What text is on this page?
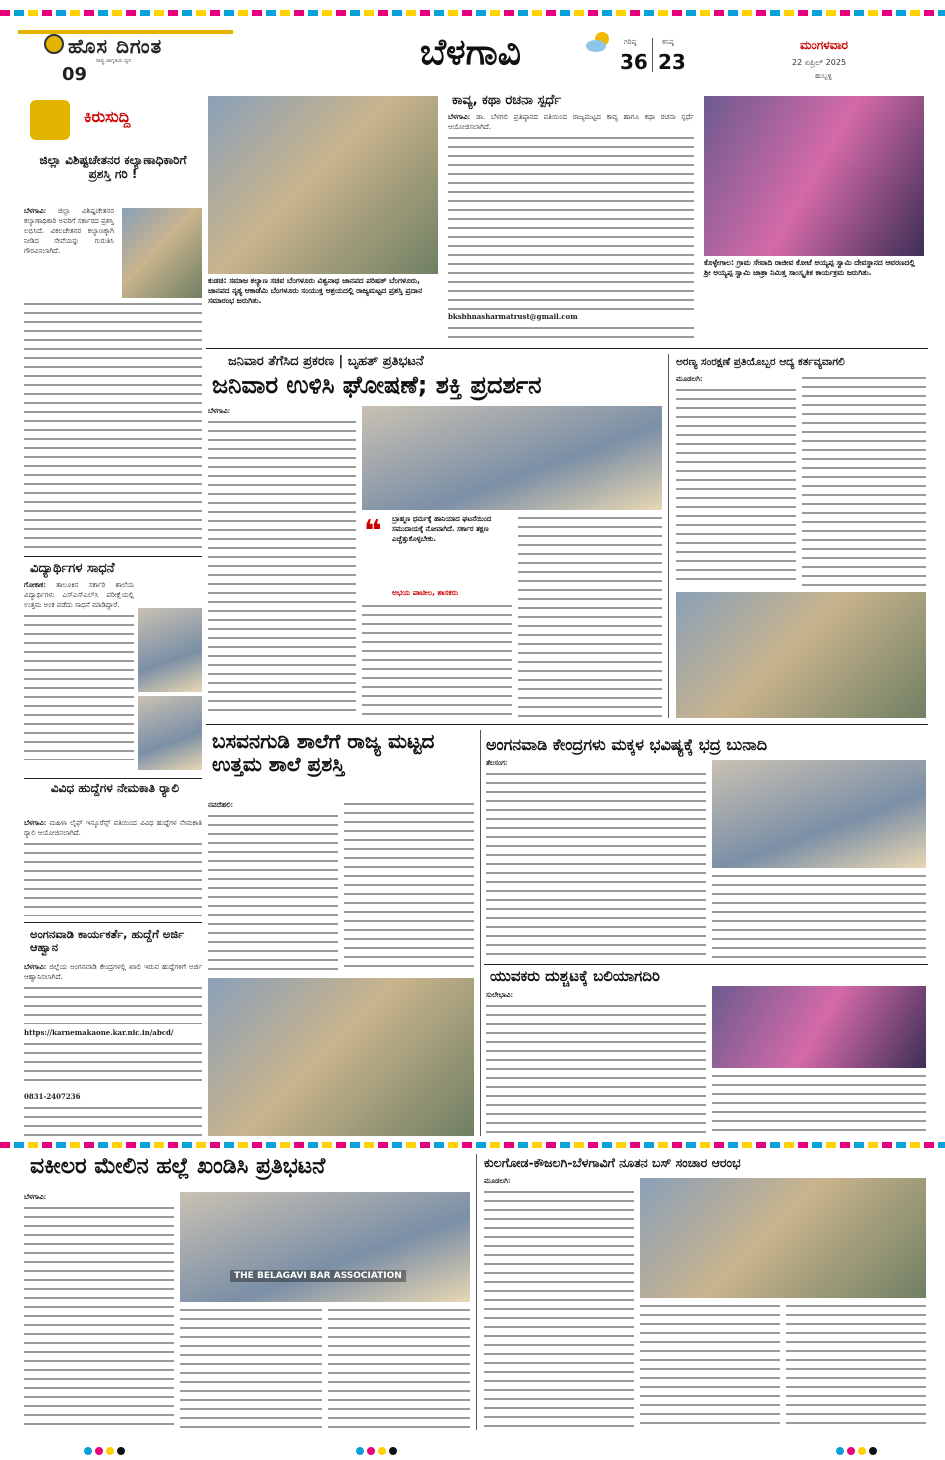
ಹೊಸ ದಿಗಂತ
ರಾಷ್ಟ್ರ ಜಾಗೃತಿಯ ಧ್ವನಿ
09
ಬೆಳಗಾವಿ	ಗರಿಷ್ಠ
36
ಕನಿಷ್ಠ
23
ಮಂಗಳವಾರ
22 ಏಪ್ರಿಲ್ 2025
ಹುಬ್ಬಳ್ಳಿ
ಕಿರುಸುದ್ದಿ
ಜಿಲ್ಲಾ ವಿಶಿಷ್ಟಚೇತನರ ಕಲ್ಯಾಣಾಧಿಕಾರಿಗೆ ಪ್ರಶಸ್ತಿ ಗರಿ !
ಬೆಳಗಾವಿ: ಜಿಲ್ಲಾ ವಿಶಿಷ್ಟಚೇತನರ ಕಲ್ಯಾಣಾಧಿಕಾರಿ ಅವರಿಗೆ ಸರ್ಕಾರದ ಪ್ರಶಸ್ತಿ ಲಭಿಸಿದೆ. ವಿಕಲಚೇತನರ ಕಲ್ಯಾಣಕ್ಕಾಗಿ ನೀಡಿದ ಸೇವೆಯನ್ನು ಗುರುತಿಸಿ ಗೌರವಿಸಲಾಗಿದೆ.
ವಿದ್ಯಾರ್ಥಿಗಳ ಸಾಧನೆ
ಗೋಕಾಕ: ತಾಲೂಕಿನ ಸರ್ಕಾರಿ ಶಾಲೆಯ ವಿದ್ಯಾರ್ಥಿಗಳು ಎಸ್ಎಸ್ಎಲ್‌ಸಿ ಪರೀಕ್ಷೆಯಲ್ಲಿ ಉತ್ತಮ ಅಂಕ ಪಡೆದು ಸಾಧನೆ ಮಾಡಿದ್ದಾರೆ.
ವಿವಿಧ ಹುದ್ದೆಗಳ ನೇಮಕಾತಿ ರ‍್ಯಾಲಿ
ಬೆಳಗಾವಿ: ಮಹಿಳಾ ಲೈಫ್ ಇನ್ಶೂರೆನ್ಸ್ ವತಿಯಿಂದ ವಿವಿಧ ಹುದ್ದೆಗಳ ನೇಮಕಾತಿ ರ‍್ಯಾಲಿ ಆಯೋಜಿಸಲಾಗಿದೆ.
ಅಂಗನವಾಡಿ ಕಾರ್ಯಕರ್ತೆ, ಹುದ್ದೆಗೆ ಅರ್ಜಿ ಆಹ್ವಾನ
ಬೆಳಗಾವಿ: ಜಿಲ್ಲೆಯ ಅಂಗನವಾಡಿ ಕೇಂದ್ರಗಳಲ್ಲಿ ಖಾಲಿ ಇರುವ ಹುದ್ದೆಗಳಿಗೆ ಅರ್ಜಿ ಆಹ್ವಾನಿಸಲಾಗಿದೆ.
https://karnemakaone.kar.nic.in/abcd/
0831-2407236
ಕುಡಚಿ: ಸಮಾಜ ಕಲ್ಯಾಣ ಸಚಿವ ಬೆಂಗಳೂರು ವಿಶ್ವನಾಥ ಜಾನಪದ ಪರಿಷತ್ ಬೆಂಗಳೂರು, ಜಾನಪದ ನೃತ್ಯ ಆಕಾಡೆಮಿ ಬೆಂಗಳೂರು ಸಂಯುಕ್ತ ಆಶ್ರಯದಲ್ಲಿ ರಾಜ್ಯಮಟ್ಟದ ಪ್ರಶಸ್ತಿ ಪ್ರದಾನ ಸಮಾರಂಭ ಜರುಗಿತು.
ಕಾವ್ಯ, ಕಥಾ ರಚನಾ ಸ್ಪರ್ಧೆ
ಬೆಳಗಾವಿ: ಡಾ. ಬೆಳಗಲಿ ಪ್ರತಿಷ್ಠಾನದ ವತಿಯಿಂದ ರಾಜ್ಯಮಟ್ಟದ ಕಾವ್ಯ ಹಾಗೂ ಕಥಾ ರಚನಾ ಸ್ಪರ್ಧೆ ಆಯೋಜಿಸಲಾಗಿದೆ.
bksbhnasharmatrust@gmail.com
ಕೊಳ್ಳೇಗಾಲ: ಗ್ರಾಮ ಸೇವಾದಿ ರಾಜೀವ ಕೋಟೆ ಅಯ್ಯಪ್ಪ ಸ್ವಾಮಿ ದೇವಸ್ಥಾನದ ಆವರಣದಲ್ಲಿ ಶ್ರೀ ಅಯ್ಯಪ್ಪ ಸ್ವಾಮಿ ಜಾತ್ರಾ ನಿಮಿತ್ತ ಸಾಂಸ್ಕೃತಿಕ ಕಾರ್ಯಕ್ರಮ ಜರುಗಿತು.
ಜನಿವಾರ ತೆಗೆಸಿದ ಪ್ರಕರಣ | ಬೃಹತ್ ಪ್ರತಿಭಟನೆ
ಜನಿವಾರ ಉಳಿಸಿ ಘೋಷಣೆ; ಶಕ್ತಿ ಪ್ರದರ್ಶನ
ಬೆಳಗಾವಿ:
❝ ಬ್ರಾಹ್ಮಣ ಧರ್ಮಕ್ಕೆ ಹಾನಿಯಾದ ಘಟನೆಯಿಂದ ಸಮುದಾಯಕ್ಕೆ ನೋವಾಗಿದೆ. ಸರ್ಕಾರ ತಕ್ಷಣ ಎಚ್ಚೆತ್ತುಕೊಳ್ಳಬೇಕು.
ಅಭಯ ಪಾಟೀಲ, ಶಾಸಕರು
ಅರಣ್ಯ ಸಂರಕ್ಷಣೆ ಪ್ರತಿಯೊಬ್ಬರ ಆದ್ಯ ಕರ್ತವ್ಯವಾಗಲಿ
ಮೂಡಲಗಿ:
ಬಸವನಗುಡಿ ಶಾಲೆಗೆ ರಾಜ್ಯ ಮಟ್ಟದ ಉತ್ತಮ ಶಾಲೆ ಪ್ರಶಸ್ತಿ
ನವದೆಹಲಿ:
ಅಂಗನವಾಡಿ ಕೇಂದ್ರಗಳು ಮಕ್ಕಳ ಭವಿಷ್ಯಕ್ಕೆ ಭದ್ರ ಬುನಾದಿ
ತೆಲಸಂಗ:
ಯುವಕರು ದುಶ್ಚಟಕ್ಕೆ ಬಲಿಯಾಗದಿರಿ
ಸುಲೇಭಾವಿ:
ವಕೀಲರ ಮೇಲಿನ ಹಲ್ಲೆ ಖಂಡಿಸಿ ಪ್ರತಿಭಟನೆ
ಬೆಳಗಾವಿ:
THE BELAGAVI BAR ASSOCIATION
ಕುಲಗೋಡ-ಕೌಜಲಗಿ-ಬೆಳಗಾವಿಗೆ ನೂತನ ಬಸ್ ಸಂಚಾರ ಆರಂಭ
ಮೂಡಲಗಿ:
